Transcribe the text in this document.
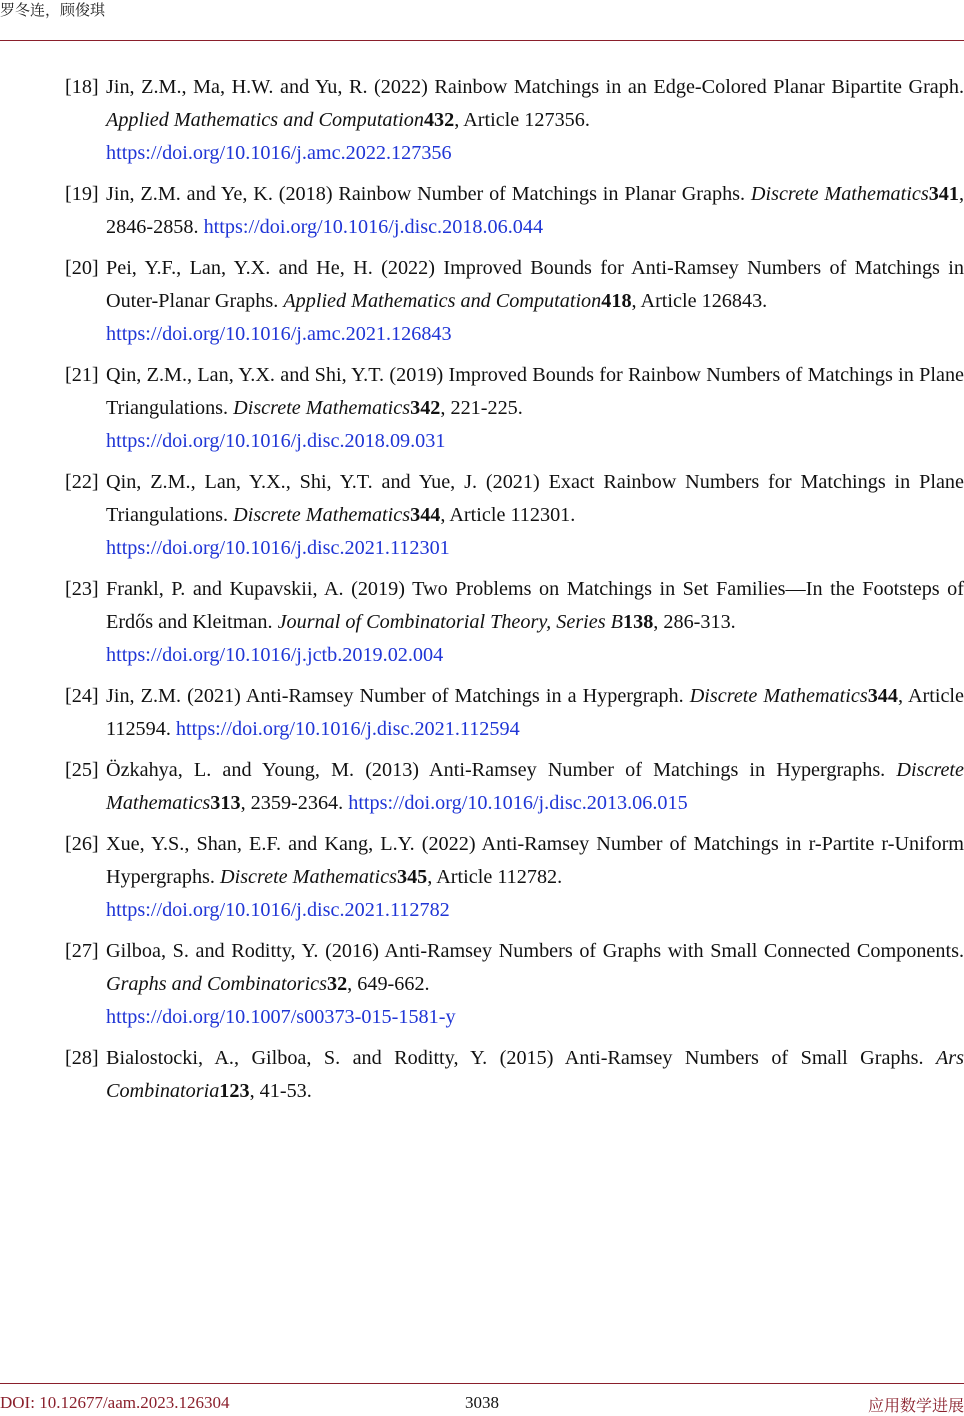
罗冬连，顾俊琪
[18] Jin, Z.M., Ma, H.W. and Yu, R. (2022) Rainbow Matchings in an Edge-Colored Planar Bipartite Graph. Applied Mathematics and Computation432, Article 127356.
https://doi.org/10.1016/j.amc.2022.127356
[19] Jin, Z.M. and Ye, K. (2018) Rainbow Number of Matchings in Planar Graphs. Discrete Mathematics341, 2846-2858. https://doi.org/10.1016/j.disc.2018.06.044
[20] Pei, Y.F., Lan, Y.X. and He, H. (2022) Improved Bounds for Anti-Ramsey Numbers of Matchings in Outer-Planar Graphs. Applied Mathematics and Computation418, Article 126843.
https://doi.org/10.1016/j.amc.2021.126843
[21] Qin, Z.M., Lan, Y.X. and Shi, Y.T. (2019) Improved Bounds for Rainbow Numbers of Matchings in Plane Triangulations. Discrete Mathematics342, 221-225.
https://doi.org/10.1016/j.disc.2018.09.031
[22] Qin, Z.M., Lan, Y.X., Shi, Y.T. and Yue, J. (2021) Exact Rainbow Numbers for Matchings in Plane Triangulations. Discrete Mathematics344, Article 112301.
https://doi.org/10.1016/j.disc.2021.112301
[23] Frankl, P. and Kupavskii, A. (2019) Two Problems on Matchings in Set Families—In the Footsteps of Erdős and Kleitman. Journal of Combinatorial Theory, Series B138, 286-313.
https://doi.org/10.1016/j.jctb.2019.02.004
[24] Jin, Z.M. (2021) Anti-Ramsey Number of Matchings in a Hypergraph. Discrete Mathematics344, Article 112594. https://doi.org/10.1016/j.disc.2021.112594
[25] Özkahya, L. and Young, M. (2013) Anti-Ramsey Number of Matchings in Hypergraphs. Discrete Mathematics313, 2359-2364. https://doi.org/10.1016/j.disc.2013.06.015
[26] Xue, Y.S., Shan, E.F. and Kang, L.Y. (2022) Anti-Ramsey Number of Matchings in r-Partite r-Uniform Hypergraphs. Discrete Mathematics345, Article 112782.
https://doi.org/10.1016/j.disc.2021.112782
[27] Gilboa, S. and Roditty, Y. (2016) Anti-Ramsey Numbers of Graphs with Small Connected Components. Graphs and Combinatorics32, 649-662.
https://doi.org/10.1007/s00373-015-1581-y
[28] Bialostocki, A., Gilboa, S. and Roditty, Y. (2015) Anti-Ramsey Numbers of Small Graphs. Ars Combinatoria123, 41-53.
DOI: 10.12677/aam.2023.126304	3038	应用数学进展
